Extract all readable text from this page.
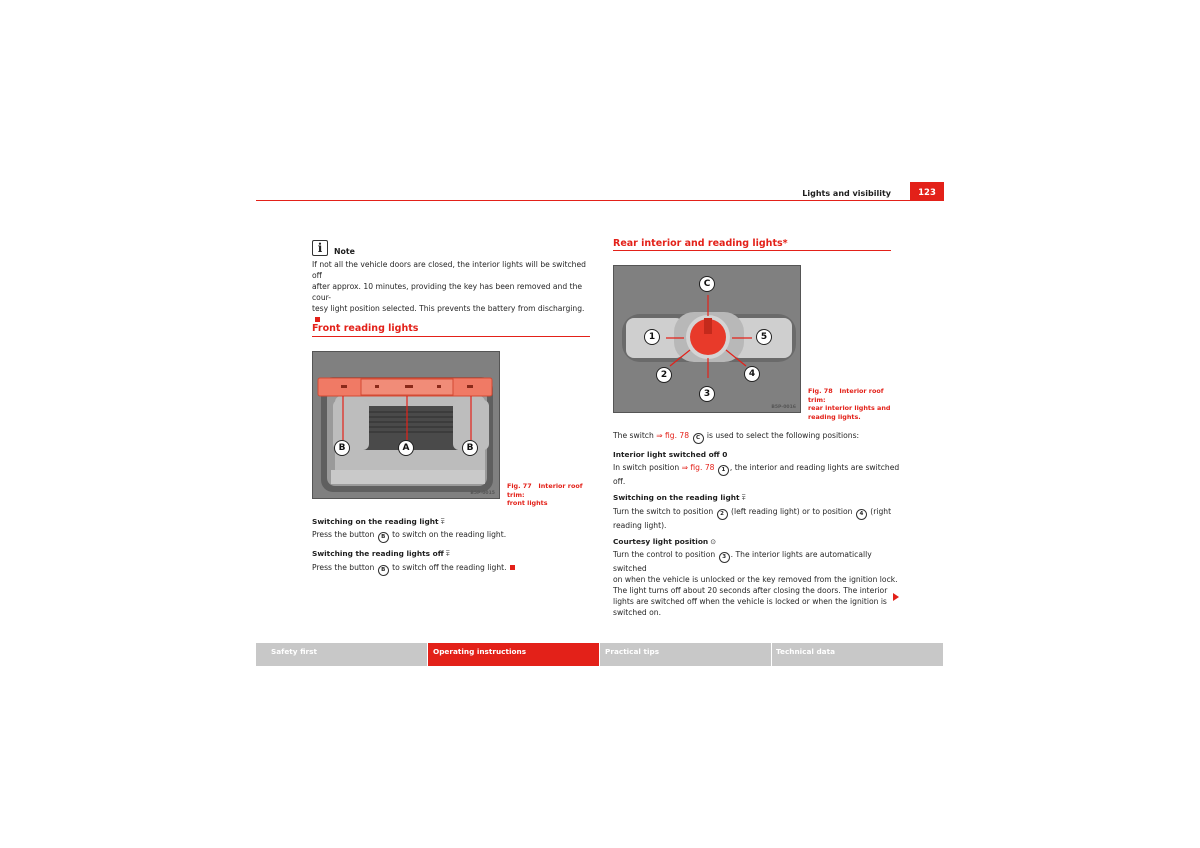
Lights and visibility	123
i	Note
If not all the vehicle doors are closed, the interior lights will be switched off
after approx. 10 minutes, providing the key has been removed and the cour-
tesy light position selected. This prevents the battery from discharging.
Front reading lights
B	A	B
B5P-0015
Fig. 77 Interior roof trim:
front lights
Switching on the reading light ⩱
Press the button B to switch on the reading light.
Switching the reading lights off ⩱
Press the button B to switch off the reading light.
Rear interior and reading lights*
C
1	5
2	4
3
B5P-0016
Fig. 78 Interior roof trim:
rear interior lights and
reading lights.
The switch ⇒ fig. 78 C is used to select the following positions:
Interior light switched off 0
In switch position ⇒ fig. 78 1 , the interior and reading lights are switched
off.
Switching on the reading light ⩱
Turn the switch to position 2 (left reading light) or to position 4 (right
reading light).
Courtesy light position ⊙
Turn the control to position 3 . The interior lights are automatically switched
on when the vehicle is unlocked or the key removed from the ignition lock.
The light turns off about 20 seconds after closing the doors. The interior
lights are switched off when the vehicle is locked or when the ignition is
switched on.
Safety first	Operating instructions	Practical tips	Technical data
